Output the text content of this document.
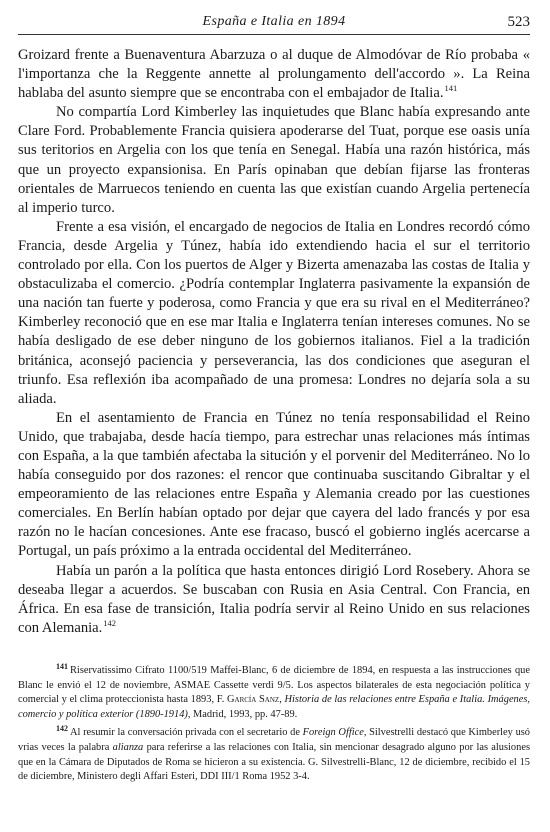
España e Italia en 1894	523

Groizard frente a Buenaventura Abarzuza o al duque de Almodóvar de Río probaba « l'importanza che la Reggente annette al prolungamento dell'accordo ». La Reina hablaba del asunto siempre que se encontraba con el embajador de Italia.$^{141}$

No compartía Lord Kimberley las inquietudes que Blanc había expresando ante Clare Ford. Probablemente Francia quisiera apoderarse del Tuat, porque ese oasis unía sus teritorios en Argelia con los que tenía en Senegal. Había una razón histórica, más que un proyecto expansionisa. En París opinaban que debían fijarse las fronteras orientales de Marruecos teniendo en cuenta las que existían cuando Argelia pertenecía al imperio turco.

Frente a esa visión, el encargado de negocios de Italia en Londres recordó cómo Francia, desde Argelia y Túnez, había ido extendiendo hacia el sur el territorio controlado por ella. Con los puertos de Alger y Bizerta amenazaba las costas de Italia y obstaculizaba el comercio. ¿Podría contemplar Inglaterra pasivamente la expansión de una nación tan fuerte y poderosa, como Francia y que era su rival en el Mediterráneo? Kimberley reconoció que en ese mar Italia e Inglaterra tenían intereses comunes. No se había desligado de ese deber ninguno de los gobiernos italianos. Fiel a la tradición británica, aconsejó paciencia y perseverancia, las dos condiciones que aseguran el triunfo. Esa reflexión iba acompañado de una promesa: Londres no dejaría sola a su aliada.

En el asentamiento de Francia en Túnez no tenía responsabilidad el Reino Unido, que trabajaba, desde hacía tiempo, para estrechar unas relaciones más íntimas con España, a la que también afectaba la situción y el porvenir del Mediterráneo. No lo había conseguido por dos razones: el rencor que continuaba suscitando Gibraltar y el empeoramiento de las relaciones entre España y Alemania creado por las cuestiones comerciales. En Berlín habían optado por dejar que cayera del lado francés y por esa razón no le hacían concesiones. Ante ese fracaso, buscó el gobierno inglés acercarse a Portugal, un país próximo a la entrada occidental del Mediterráneo.

Había un parón a la política que hasta entonces dirigió Lord Rosebery. Ahora se deseaba llegar a acuerdos. Se buscaban con Rusia en Asia Central. Con Francia, en África. En esa fase de transición, Italia podría servir al Reino Unido en sus relaciones con Alemania.$^{142}$

$^{141}$ Riservatissimo Cifrato 1100/519 Maffei-Blanc, 6 de diciembre de 1894, en respuesta a las instrucciones que Blanc le envió el 12 de noviembre, ASMAE Cassette verdi 9/5. Los aspectos bilaterales de esta negociación política y comercial y el clima proteccionista hasta 1893, F. García Sanz, Historia de las relaciones entre España e Italia. Imágenes, comercio y política exterior (1890-1914), Madrid, 1993, pp. 47-89.

$^{142}$ Al resumir la conversación privada con el secretario de Foreign Office, Silvestrelli destacó que Kimberley usó vrias veces la palabra alianza para referirse a las relaciones con Italia, sin mencionar desagrado alguno por las alusiones que en la Cámara de Diputados de Roma se hicieron a su existencia. G. Silvestrelli-Blanc, 12 de diciembre, recibido el 15 de diciembre, Ministero degli Affari Esteri, DDI III/1 Roma 1952 3-4.
